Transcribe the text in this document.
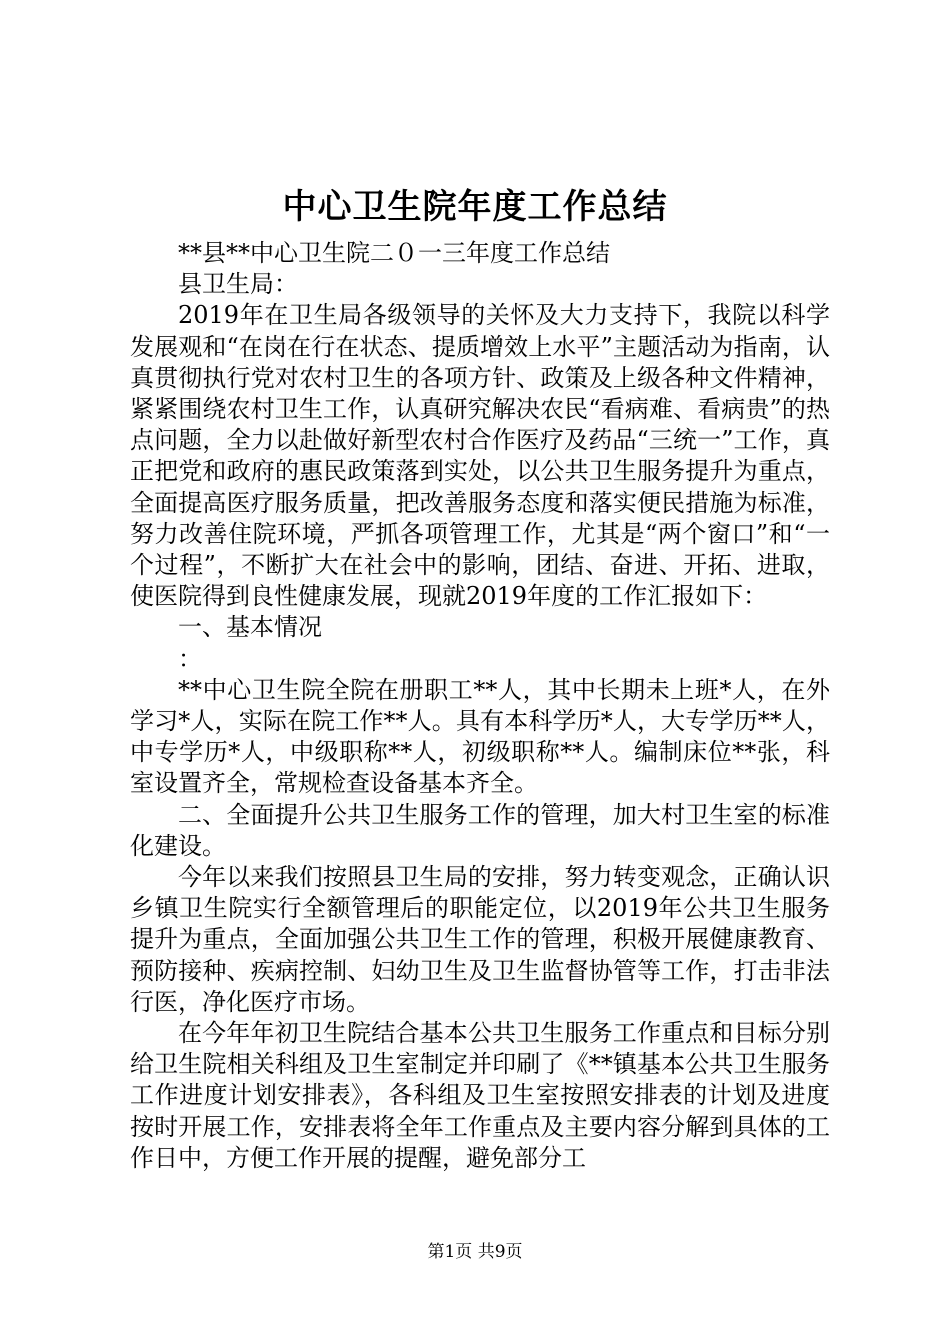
中心卫生院年度工作总结

**县**中心卫生院二０一三年度工作总结

县卫生局：

2019年在卫生局各级领导的关怀及大力支持下，我院以科学发展观和“在岗在行在状态、提质增效上水平”主题活动为指南，认真贯彻执行党对农村卫生的各项方针、政策及上级各种文件精神，紧紧围绕农村卫生工作，认真研究解决农民“看病难、看病贵”的热点问题，全力以赴做好新型农村合作医疗及药品“三统一”工作，真正把党和政府的惠民政策落到实处，以公共卫生服务提升为重点，全面提高医疗服务质量，把改善服务态度和落实便民措施为标准，努力改善住院环境，严抓各项管理工作，尤其是“两个窗口”和“一个过程”，不断扩大在社会中的影响，团结、奋进、开拓、进取，使医院得到良性健康发展，现就2019年度的工作汇报如下：

一、基本情况

：

**中心卫生院全院在册职工**人，其中长期未上班*人，在外学习*人，实际在院工作**人。具有本科学历*人，大专学历**人，中专学历*人，中级职称**人，初级职称**人。编制床位**张，科室设置齐全，常规检查设备基本齐全。

二、全面提升公共卫生服务工作的管理，加大村卫生室的标准化建设。

今年以来我们按照县卫生局的安排，努力转变观念，正确认识乡镇卫生院实行全额管理后的职能定位，以2019年公共卫生服务提升为重点，全面加强公共卫生工作的管理，积极开展健康教育、预防接种、疾病控制、妇幼卫生及卫生监督协管等工作，打击非法行医，净化医疗市场。

在今年年初卫生院结合基本公共卫生服务工作重点和目标分别给卫生院相关科组及卫生室制定并印刷了《**镇基本公共卫生服务工作进度计划安排表》，各科组及卫生室按照安排表的计划及进度按时开展工作，安排表将全年工作重点及主要内容分解到具体的工作日中，方便工作开展的提醒，避免部分工

第1页 共9页
